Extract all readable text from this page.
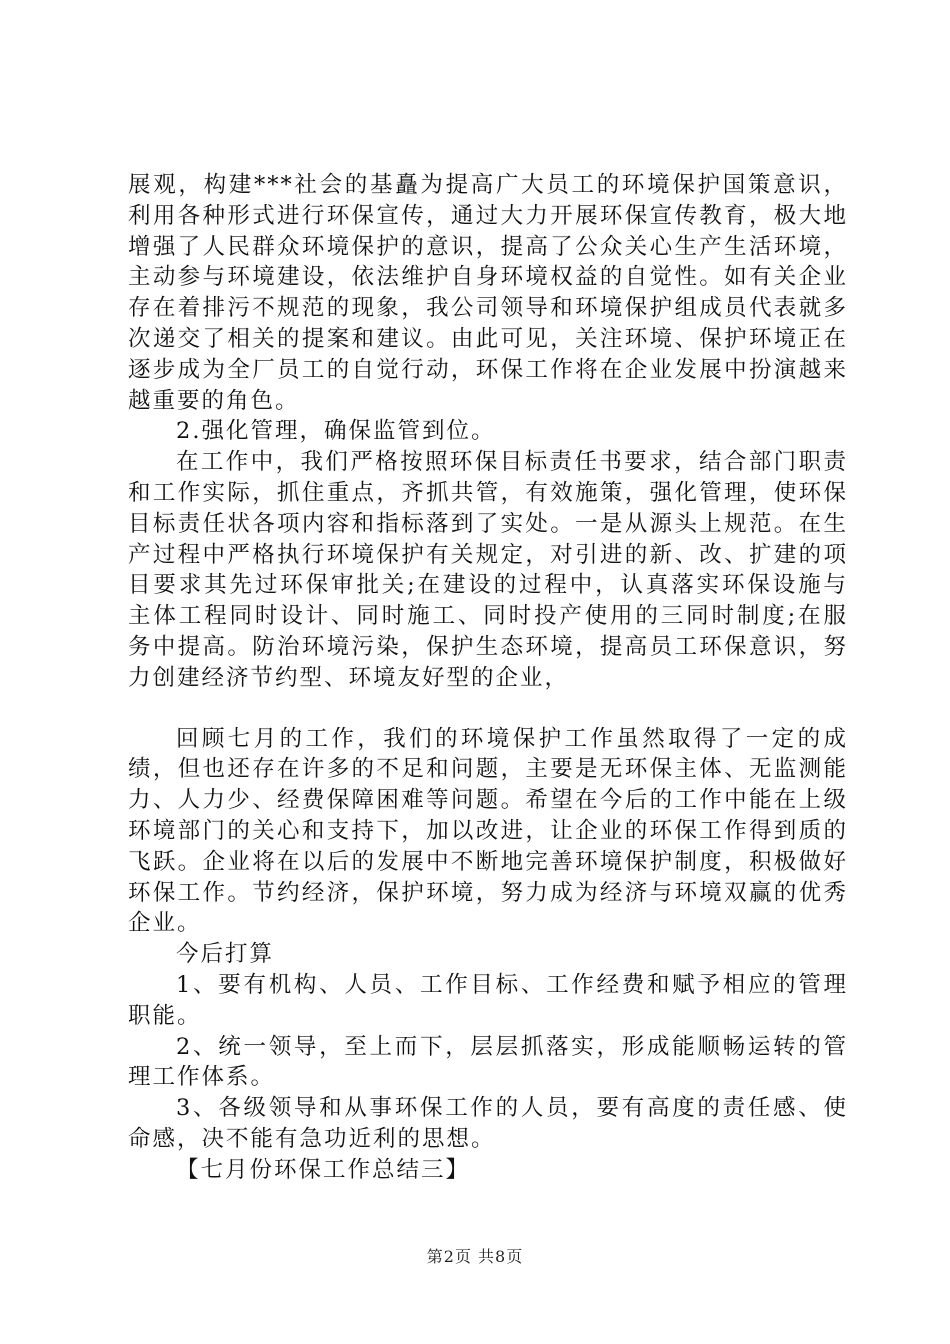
展观，构建***社会的基矗为提高广大员工的环境保护国策意识，利用各种形式进行环保宣传，通过大力开展环保宣传教育，极大地增强了人民群众环境保护的意识，提高了公众关心生产生活环境，主动参与环境建设，依法维护自身环境权益的自觉性。如有关企业存在着排污不规范的现象，我公司领导和环境保护组成员代表就多次递交了相关的提案和建议。由此可见，关注环境、保护环境正在逐步成为全厂员工的自觉行动，环保工作将在企业发展中扮演越来越重要的角色。

2.强化管理，确保监管到位。

在工作中，我们严格按照环保目标责任书要求，结合部门职责和工作实际，抓住重点，齐抓共管，有效施策，强化管理，使环保目标责任状各项内容和指标落到了实处。一是从源头上规范。在生产过程中严格执行环境保护有关规定，对引进的新、改、扩建的项目要求其先过环保审批关;在建设的过程中，认真落实环保设施与主体工程同时设计、同时施工、同时投产使用的三同时制度;在服务中提高。防治环境污染，保护生态环境，提高员工环保意识，努力创建经济节约型、环境友好型的企业，

回顾七月的工作，我们的环境保护工作虽然取得了一定的成绩，但也还存在许多的不足和问题，主要是无环保主体、无监测能力、人力少、经费保障困难等问题。希望在今后的工作中能在上级环境部门的关心和支持下，加以改进，让企业的环保工作得到质的飞跃。企业将在以后的发展中不断地完善环境保护制度，积极做好环保工作。节约经济，保护环境，努力成为经济与环境双赢的优秀企业。

今后打算

1、要有机构、人员、工作目标、工作经费和赋予相应的管理职能。

2、统一领导，至上而下，层层抓落实，形成能顺畅运转的管理工作体系。

3、各级领导和从事环保工作的人员，要有高度的责任感、使命感，决不能有急功近利的思想。

【七月份环保工作总结三】

第2页 共8页
